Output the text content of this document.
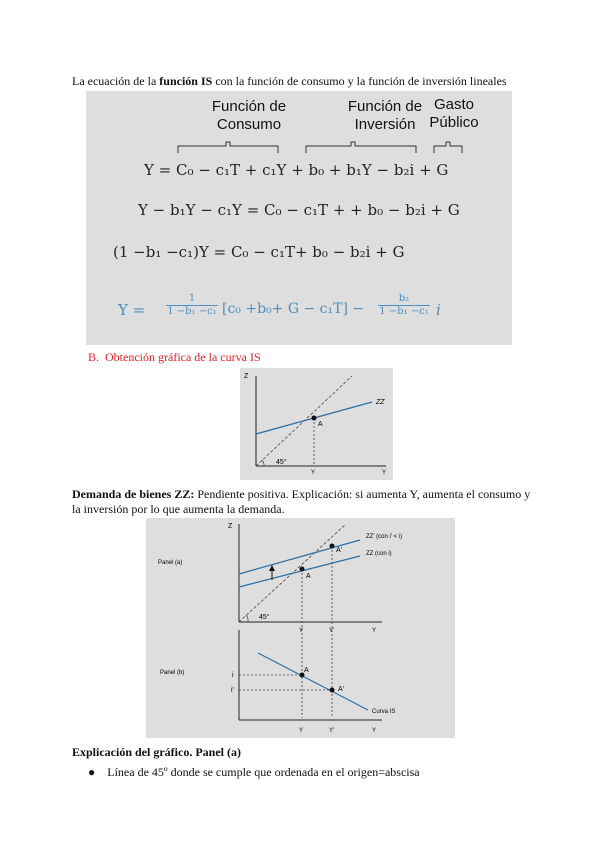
La ecuación de la función IS con la función de consumo y la función de inversión lineales
Función de
Consumo
Función de
Inversión
Gasto
Público
Y = C₀ − c₁T + c₁Y + b₀ + b₁Y − b₂i + G
Y − b₁Y − c₁Y = C₀ − c₁T + + b₀ − b₂i + G
(1 −b₁ −c₁)Y = C₀ − c₁T+ b₀ − b₂i + G
$Y = \frac{1}{\text{1 −b₁ −c₁}} [c_0 +b_0+ G - c_1T] - \frac{\text{b₂}}{\text{1 −b₁ −c₁}}$ i
B. Obtención gráfica de la curva IS
Z
ZZ
A
45°
Y	Y
Demanda de bienes ZZ: Pendiente positiva. Explicación: si aumenta Y, aumenta el consumo y la inversión por lo que aumenta la demanda.
Z
Panel (a)
ZZ' (con i' < i)
ZZ (con i)
A
A'
45°
Y	Y'	Y
Panel (b)	i
i'
A
A'
Curva IS
Y	Y'	Y
Explicación del gráfico. Panel (a)
● Línea de 45º donde se cumple que ordenada en el origen=abscisa
